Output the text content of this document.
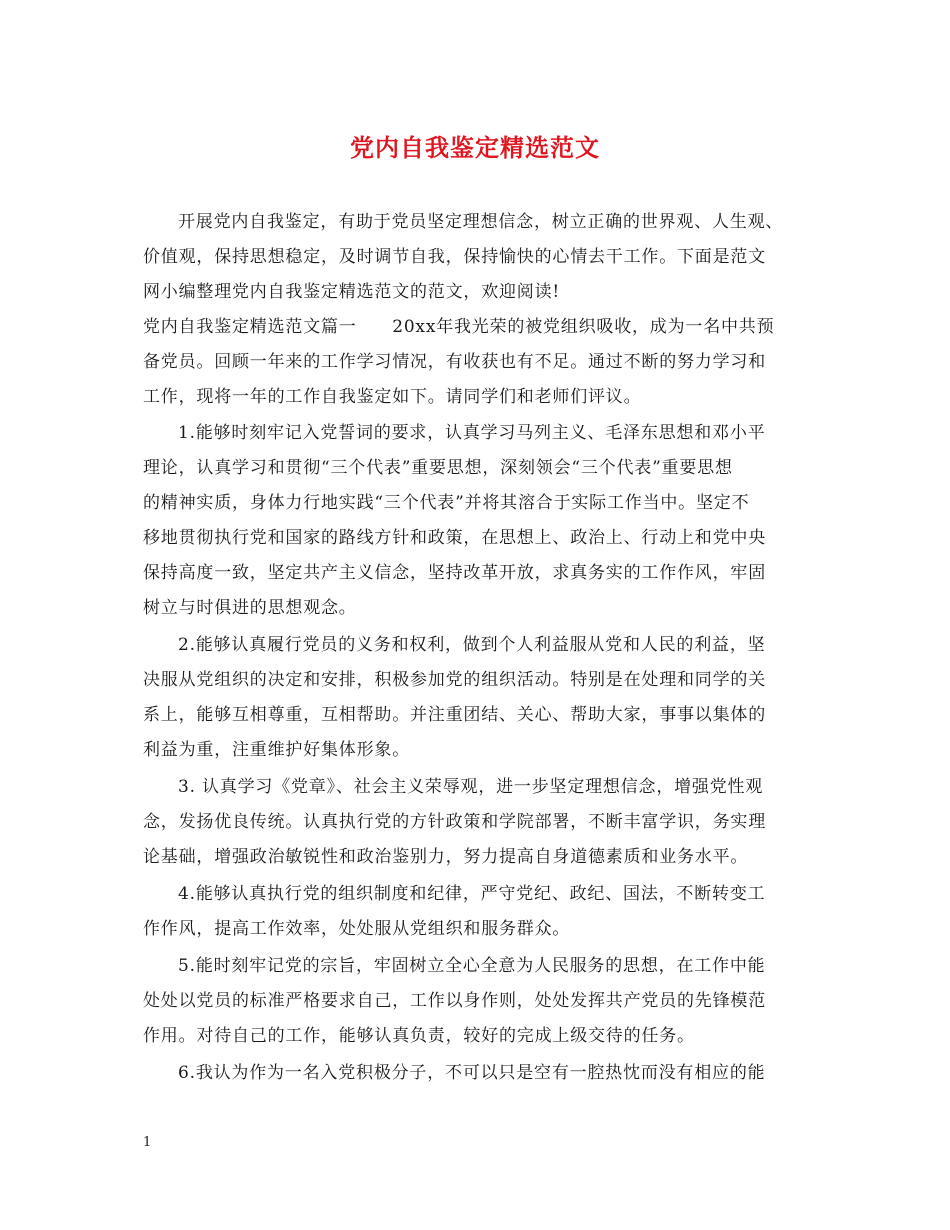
党内自我鉴定精选范文
开展党内自我鉴定，有助于党员坚定理想信念，树立正确的世界观、人生观、
价值观，保持思想稳定，及时调节自我，保持愉快的心情去干工作。下面是范文
网小编整理党内自我鉴定精选范文的范文，欢迎阅读!
党内自我鉴定精选范文篇一　　20xx年我光荣的被党组织吸收，成为一名中共预
备党员。回顾一年来的工作学习情况，有收获也有不足。通过不断的努力学习和
工作，现将一年的工作自我鉴定如下。请同学们和老师们评议。
1.能够时刻牢记入党誓词的要求，认真学习马列主义、毛泽东思想和邓小平
理论，认真学习和贯彻“三个代表”重要思想，深刻领会“三个代表”重要思想
的精神实质，身体力行地实践“三个代表”并将其溶合于实际工作当中。坚定不
移地贯彻执行党和国家的路线方针和政策，在思想上、政治上、行动上和党中央
保持高度一致，坚定共产主义信念，坚持改革开放，求真务实的工作作风，牢固
树立与时俱进的思想观念。
2.能够认真履行党员的义务和权利，做到个人利益服从党和人民的利益，坚
决服从党组织的决定和安排，积极参加党的组织活动。特别是在处理和同学的关
系上，能够互相尊重，互相帮助。并注重团结、关心、帮助大家，事事以集体的
利益为重，注重维护好集体形象。
3. 认真学习《党章》、社会主义荣辱观，进一步坚定理想信念，增强党性观
念，发扬优良传统。认真执行党的方针政策和学院部署，不断丰富学识，务实理
论基础，增强政治敏锐性和政治鉴别力，努力提高自身道德素质和业务水平。
4.能够认真执行党的组织制度和纪律，严守党纪、政纪、国法，不断转变工
作作风，提高工作效率，处处服从党组织和服务群众。
5.能时刻牢记党的宗旨，牢固树立全心全意为人民服务的思想，在工作中能
处处以党员的标准严格要求自己，工作以身作则，处处发挥共产党员的先锋模范
作用。对待自己的工作，能够认真负责，较好的完成上级交待的任务。
6.我认为作为一名入党积极分子，不可以只是空有一腔热忱而没有相应的能
1
